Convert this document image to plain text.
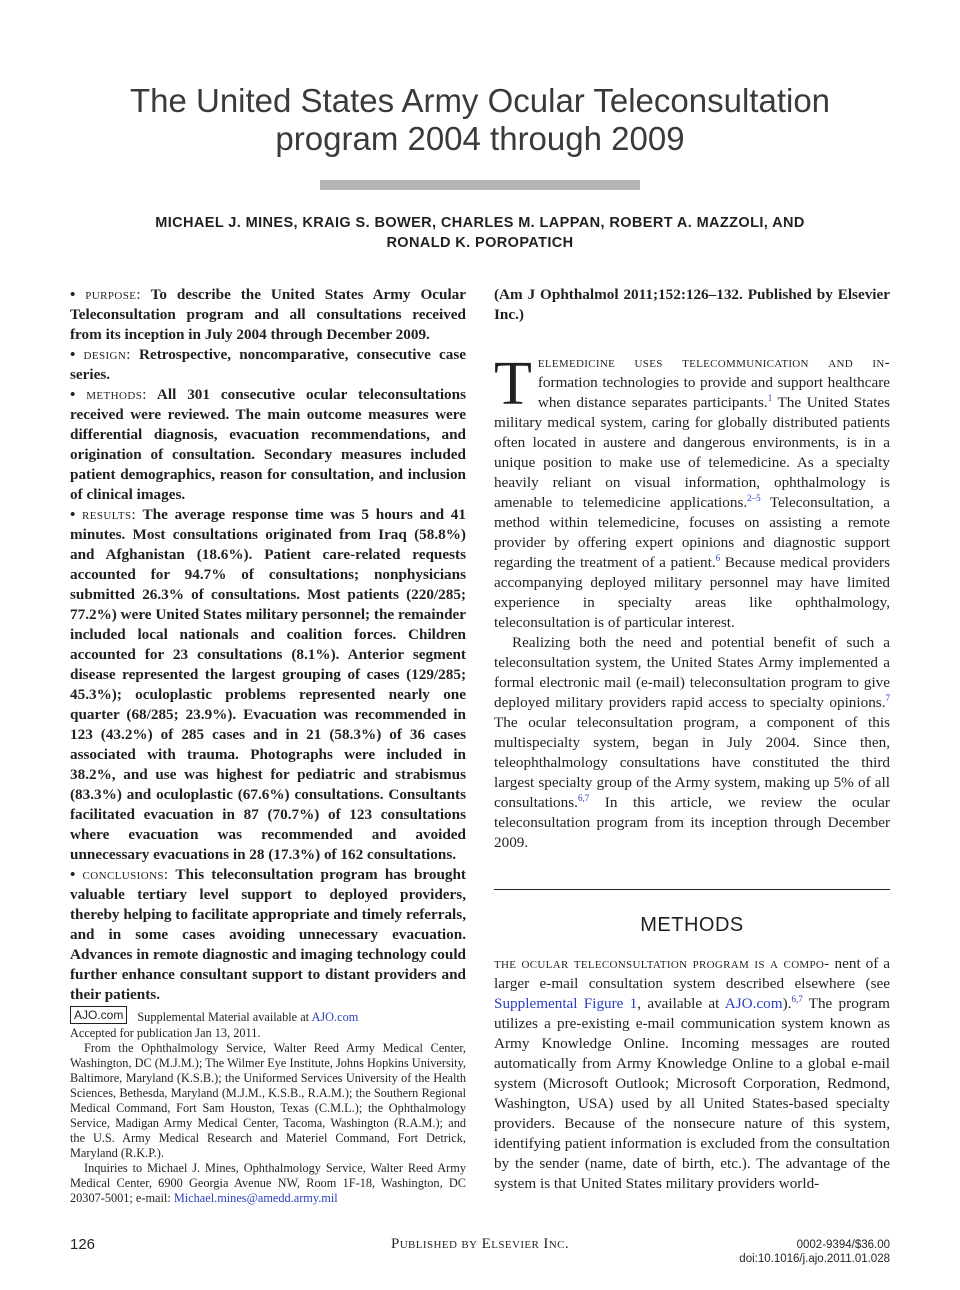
The United States Army Ocular Teleconsultation
program 2004 through 2009
MICHAEL J. MINES, KRAIG S. BOWER, CHARLES M. LAPPAN, ROBERT A. MAZZOLI, AND
RONALD K. POROPATICH

• purpose: To describe the United States Army Ocular Teleconsultation program and all consultations received from its inception in July 2004 through December 2009.

• design: Retrospective, noncomparative, consecutive case series.

• methods: All 301 consecutive ocular teleconsultations received were reviewed. The main outcome measures were differential diagnosis, evacuation recommendations, and origination of consultation. Secondary measures included patient demographics, reason for consultation, and inclusion of clinical images.

• results: The average response time was 5 hours and 41 minutes. Most consultations originated from Iraq (58.8%) and Afghanistan (18.6%). Patient care-related requests accounted for 94.7% of consultations; nonphysicians submitted 26.3% of consultations. Most patients (220/285; 77.2%) were United States military personnel; the remainder included local nationals and coalition forces. Children accounted for 23 consultations (8.1%). Anterior segment disease represented the largest grouping of cases (129/285; 45.3%); oculoplastic problems represented nearly one quarter (68/285; 23.9%). Evacuation was recommended in 123 (43.2%) of 285 cases and in 21 (58.3%) of 36 cases associated with trauma. Photographs were included in 38.2%, and use was highest for pediatric and strabismus (83.3%) and oculoplastic (67.6%) consultations. Consultants facilitated evacuation in 87 (70.7%) of 123 consultations where evacuation was recommended and avoided unnecessary evacuations in 28 (17.3%) of 162 consultations.

• conclusions: This teleconsultation program has brought valuable tertiary level support to deployed providers, thereby helping to facilitate appropriate and timely referrals, and in some cases avoiding unnecessary evacuation. Advances in remote diagnostic and imaging technology could further enhance consultant support to distant providers and their patients.

AJO.com Supplemental Material available at AJO.com

Accepted for publication Jan 13, 2011.

From the Ophthalmology Service, Walter Reed Army Medical Center, Washington, DC (M.J.M.); The Wilmer Eye Institute, Johns Hopkins University, Baltimore, Maryland (K.S.B.); the Uniformed Services University of the Health Sciences, Bethesda, Maryland (M.J.M., K.S.B., R.A.M.); the Southern Regional Medical Command, Fort Sam Houston, Texas (C.M.L.); the Ophthalmology Service, Madigan Army Medical Center, Tacoma, Washington (R.A.M.); and the U.S. Army Medical Research and Materiel Command, Fort Detrick, Maryland (R.K.P.).

Inquiries to Michael J. Mines, Ophthalmology Service, Walter Reed Army Medical Center, 6900 Georgia Avenue NW, Room 1F-18, Washington, DC 20307-5001; e-mail: Michael.mines@amedd.army.mil

(Am J Ophthalmol 2011;152:126–132. Published by Elsevier Inc.)

Telemedicine uses telecommunication and in- formation technologies to provide and support healthcare when distance separates participants.$^1$ The United States military medical system, caring for globally distributed patients often located in austere and dangerous environments, is in a unique position to make use of telemedicine. As a specialty heavily reliant on visual information, ophthalmology is amenable to telemedicine applications.$^{2-5}$ Teleconsultation, a method within telemedicine, focuses on assisting a remote provider by offering expert opinions and diagnostic support regarding the treatment of a patient.$^6$ Because medical providers accompanying deployed military personnel may have limited experience in specialty areas like ophthalmology, teleconsultation is of particular interest.

Realizing both the need and potential benefit of such a teleconsultation system, the United States Army implemented a formal electronic mail (e-mail) teleconsultation program to give deployed military providers rapid access to specialty opinions.$^7$ The ocular teleconsultation program, a component of this multispecialty system, began in July 2004. Since then, teleophthalmology consultations have constituted the third largest specialty group of the Army system, making up 5% of all consultations.$^{6,7}$ In this article, we review the ocular teleconsultation program from its inception through December 2009.

METHODS

the ocular teleconsultation program is a compo- nent of a larger e-mail consultation system described elsewhere (see Supplemental Figure 1, available at AJO.com).$^{6,7}$ The program utilizes a pre-existing e-mail communication system known as Army Knowledge Online. Incoming messages are routed automatically from Army Knowledge Online to a global e-mail system (Microsoft Outlook; Microsoft Corporation, Redmond, Washington, USA) used by all United States-based specialty providers. Because of the nonsecure nature of this system, identifying patient information is excluded from the consultation by the sender (name, date of birth, etc.). The advantage of the system is that United States military providers world-

126	Published by Elsevier Inc.	0002-9394/$36.00
doi:10.1016/j.ajo.2011.01.028
